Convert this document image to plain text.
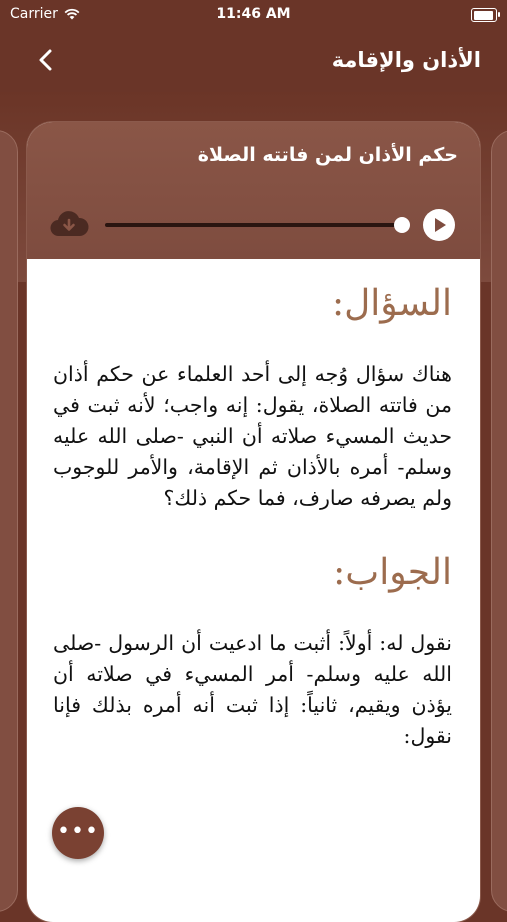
Carrier	11:46 AM
الأذان والإقامة
حكم الأذان لمن فاتته الصلاة
السؤال:
هناك سؤال وُجه إلى أحد العلماء عن حكم أذان من فاتته الصلاة، يقول: إنه واجب؛ لأنه ثبت في حديث المسيء صلاته أن النبي -صلى الله عليه وسلم- أمره بالأذان ثم الإقامة، والأمر للوجوب ولم يصرفه صارف، فما حكم ذلك؟
الجواب:
نقول له: أولاً: أثبت ما ادعيت أن الرسول -صلى الله عليه وسلم- أمر المسيء في صلاته أن يؤذن ويقيم، ثانياً: إذا ثبت أنه أمره بذلك فإنا نقول:
•••
